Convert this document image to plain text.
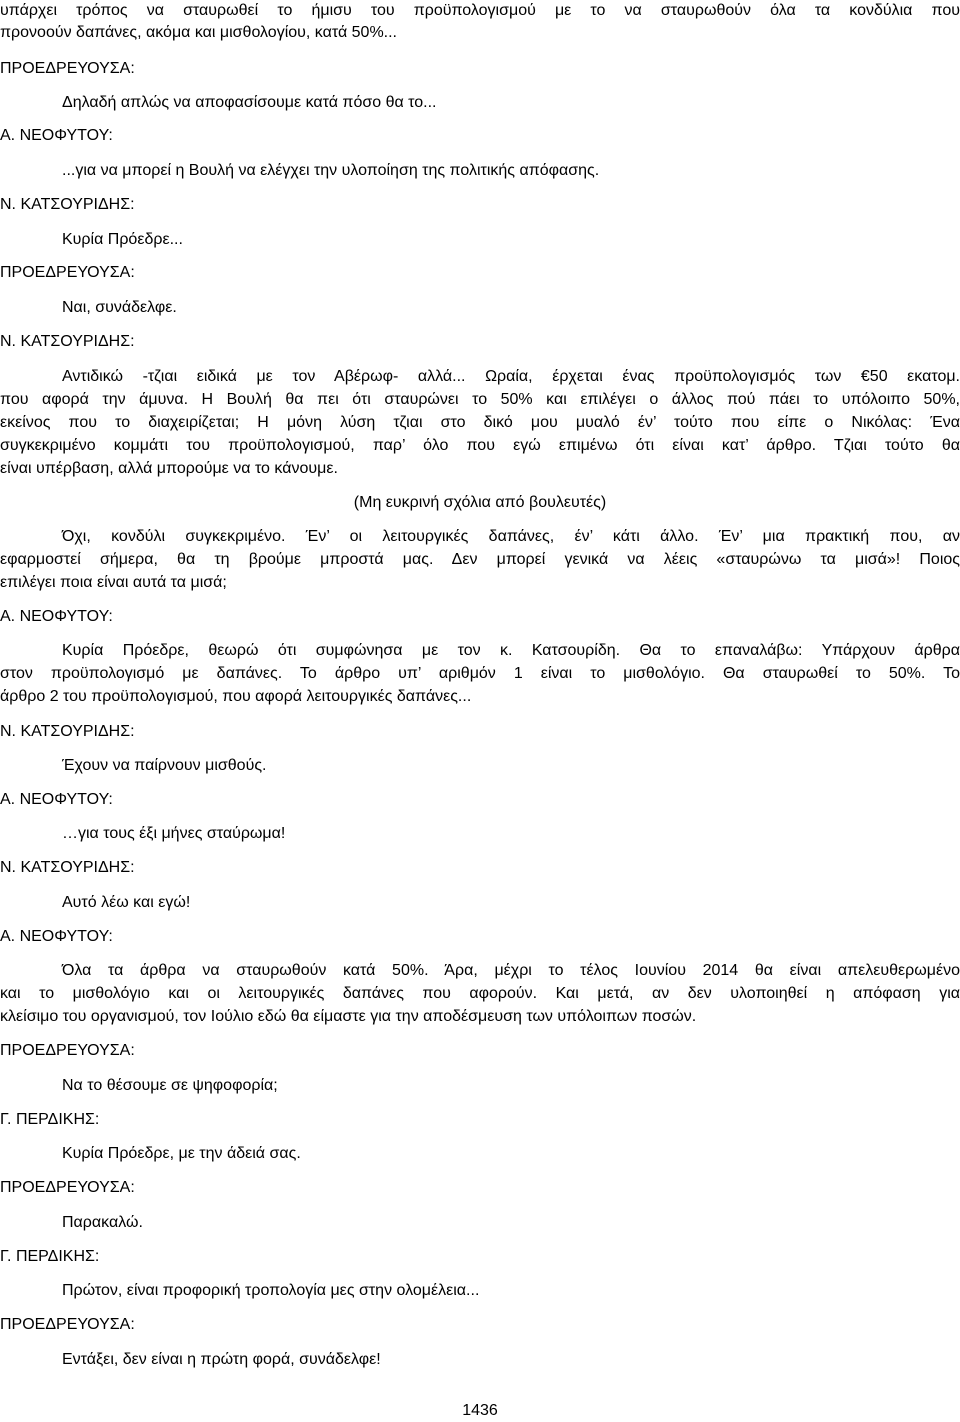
υπάρχει τρόπος να σταυρωθεί το ήμισυ του προϋπολογισμού με το να σταυρωθούν όλα τα κονδύλια που
προνοούν δαπάνες, ακόμα και μισθολογίου, κατά 50%...
ΠΡΟΕΔΡΕΥΟΥΣΑ:
Δηλαδή απλώς να αποφασίσουμε κατά πόσο θα το...
Α. ΝΕΟΦΥΤΟΥ:
...για να μπορεί η Βουλή να ελέγχει την υλοποίηση της πολιτικής απόφασης.
Ν. ΚΑΤΣΟΥΡΙΔΗΣ:
Κυρία Πρόεδρε...
ΠΡΟΕΔΡΕΥΟΥΣΑ:
Ναι, συνάδελφε.
Ν. ΚΑΤΣΟΥΡΙΔΗΣ:
Αντιδικώ -τζιαι ειδικά με τον Αβέρωφ- αλλά... Ωραία, έρχεται ένας προϋπολογισμός των €50 εκατομ.
που αφορά την άμυνα. Η Βουλή θα πει ότι σταυρώνει το 50% και επιλέγει ο άλλος πού πάει το υπόλοιπο 50%,
εκείνος που το διαχειρίζεται; Η μόνη λύση τζιαι στο δικό μου μυαλό έν’ τούτο που είπε ο Νικόλας: Ένα
συγκεκριμένο κομμάτι του προϋπολογισμού, παρ’ όλο που εγώ επιμένω ότι είναι κατ’ άρθρο. Τζιαι τούτο θα
είναι υπέρβαση, αλλά μπορούμε να το κάνουμε.
(Μη ευκρινή σχόλια από βουλευτές)
Όχι, κονδύλι συγκεκριμένο. Έν’ οι λειτουργικές δαπάνες, έν’ κάτι άλλο. Έν’ μια πρακτική που, αν
εφαρμοστεί σήμερα, θα τη βρούμε μπροστά μας. Δεν μπορεί γενικά να λέεις «σταυρώνω τα μισά»! Ποιος
επιλέγει ποια είναι αυτά τα μισά;
Α. ΝΕΟΦΥΤΟΥ:
Κυρία Πρόεδρε, θεωρώ ότι συμφώνησα με τον κ. Κατσουρίδη. Θα το επαναλάβω: Υπάρχουν άρθρα
στον προϋπολογισμό με δαπάνες. Το άρθρο υπ’ αριθμόν 1 είναι το μισθολόγιο. Θα σταυρωθεί το 50%. Το
άρθρο 2 του προϋπολογισμού, που αφορά λειτουργικές δαπάνες...
Ν. ΚΑΤΣΟΥΡΙΔΗΣ:
Έχουν να παίρνουν μισθούς.
Α. ΝΕΟΦΥΤΟΥ:
…για τους έξι μήνες σταύρωμα!
Ν. ΚΑΤΣΟΥΡΙΔΗΣ:
Αυτό λέω και εγώ!
Α. ΝΕΟΦΥΤΟΥ:
Όλα τα άρθρα να σταυρωθούν κατά 50%. Άρα, μέχρι το τέλος Ιουνίου 2014 θα είναι απελευθερωμένο
και το μισθολόγιο και οι λειτουργικές δαπάνες που αφορούν. Και μετά, αν δεν υλοποιηθεί η απόφαση για
κλείσιμο του οργανισμού, τον Ιούλιο εδώ θα είμαστε για την αποδέσμευση των υπόλοιπων ποσών.
ΠΡΟΕΔΡΕΥΟΥΣΑ:
Να το θέσουμε σε ψηφοφορία;
Γ. ΠΕΡΔΙΚΗΣ:
Κυρία Πρόεδρε, με την άδειά σας.
ΠΡΟΕΔΡΕΥΟΥΣΑ:
Παρακαλώ.
Γ. ΠΕΡΔΙΚΗΣ:
Πρώτον, είναι προφορική τροπολογία μες στην ολομέλεια...
ΠΡΟΕΔΡΕΥΟΥΣΑ:
Εντάξει, δεν είναι η πρώτη φορά, συνάδελφε!
1436
